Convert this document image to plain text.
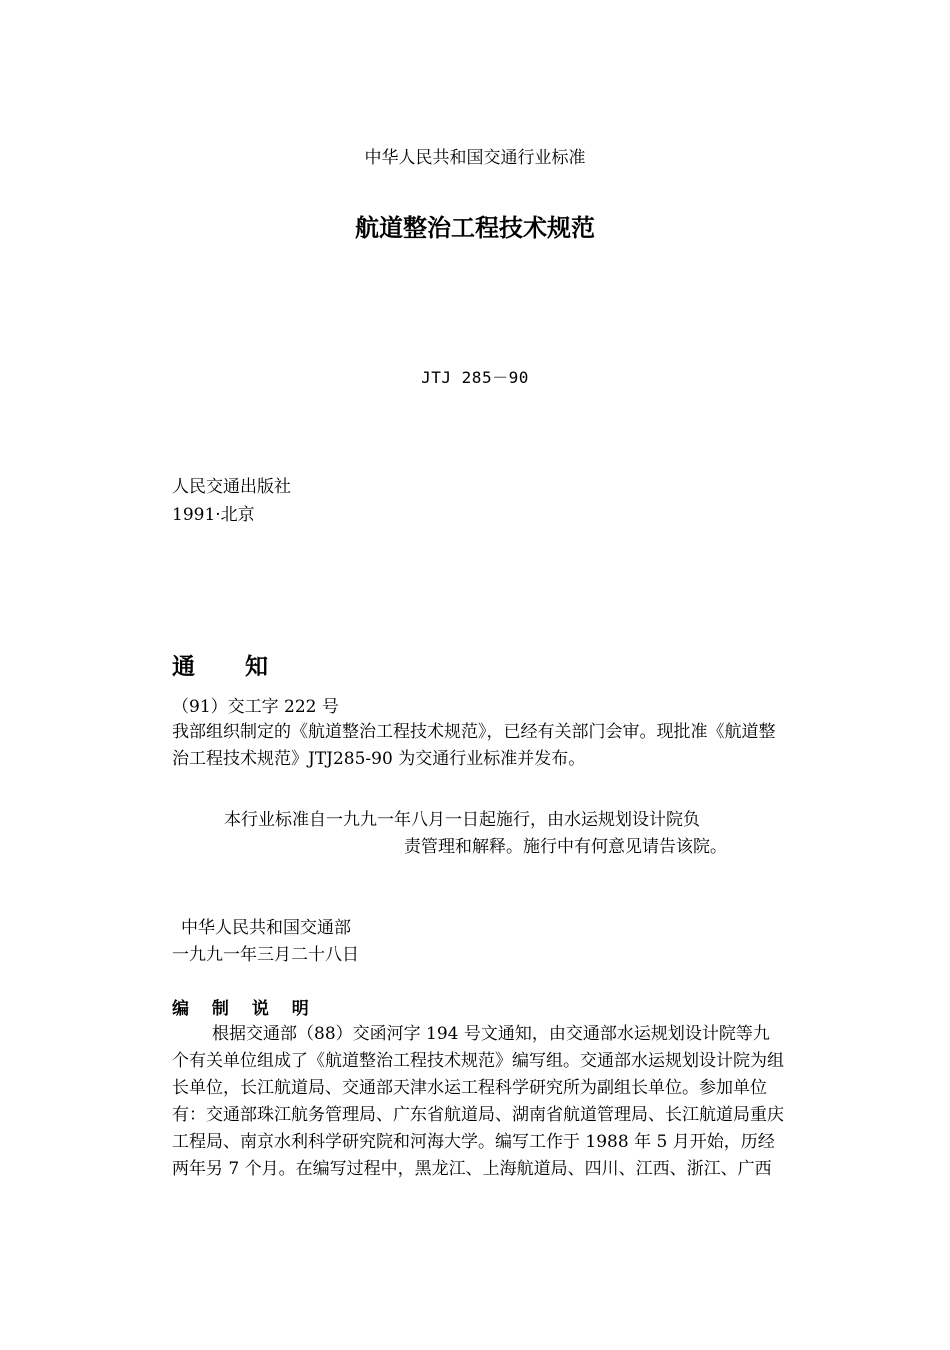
中华人民共和国交通行业标准

航道整治工程技术规范

JTJ 285－90

人民交通出版社

1991·北京

通 知

（91）交工字 222 号

我部组织制定的《航道整治工程技术规范》，已经有关部门会审。现批准《航道整治工程技术规范》JTJ285-90 为交通行业标准并发布。

本行业标准自一九九一年八月一日起施行，由水运规划设计院负

责管理和解释。施行中有何意见请告该院。

中华人民共和国交通部

一九九一年三月二十八日

编 制 说 明

根据交通部（88）交函河字 194 号文通知，由交通部水运规划设计院等九个有关单位组成了《航道整治工程技术规范》编写组。交通部水运规划设计院为组长单位，长江航道局、交通部天津水运工程科学研究所为副组长单位。参加单位有：交通部珠江航务管理局、广东省航道局、湖南省航道管理局、长江航道局重庆工程局、南京水利科学研究院和河海大学。编写工作于 1988 年 5 月开始，历经两年另 7 个月。在编写过程中，黑龙江、上海航道局、四川、江西、浙江、广西
